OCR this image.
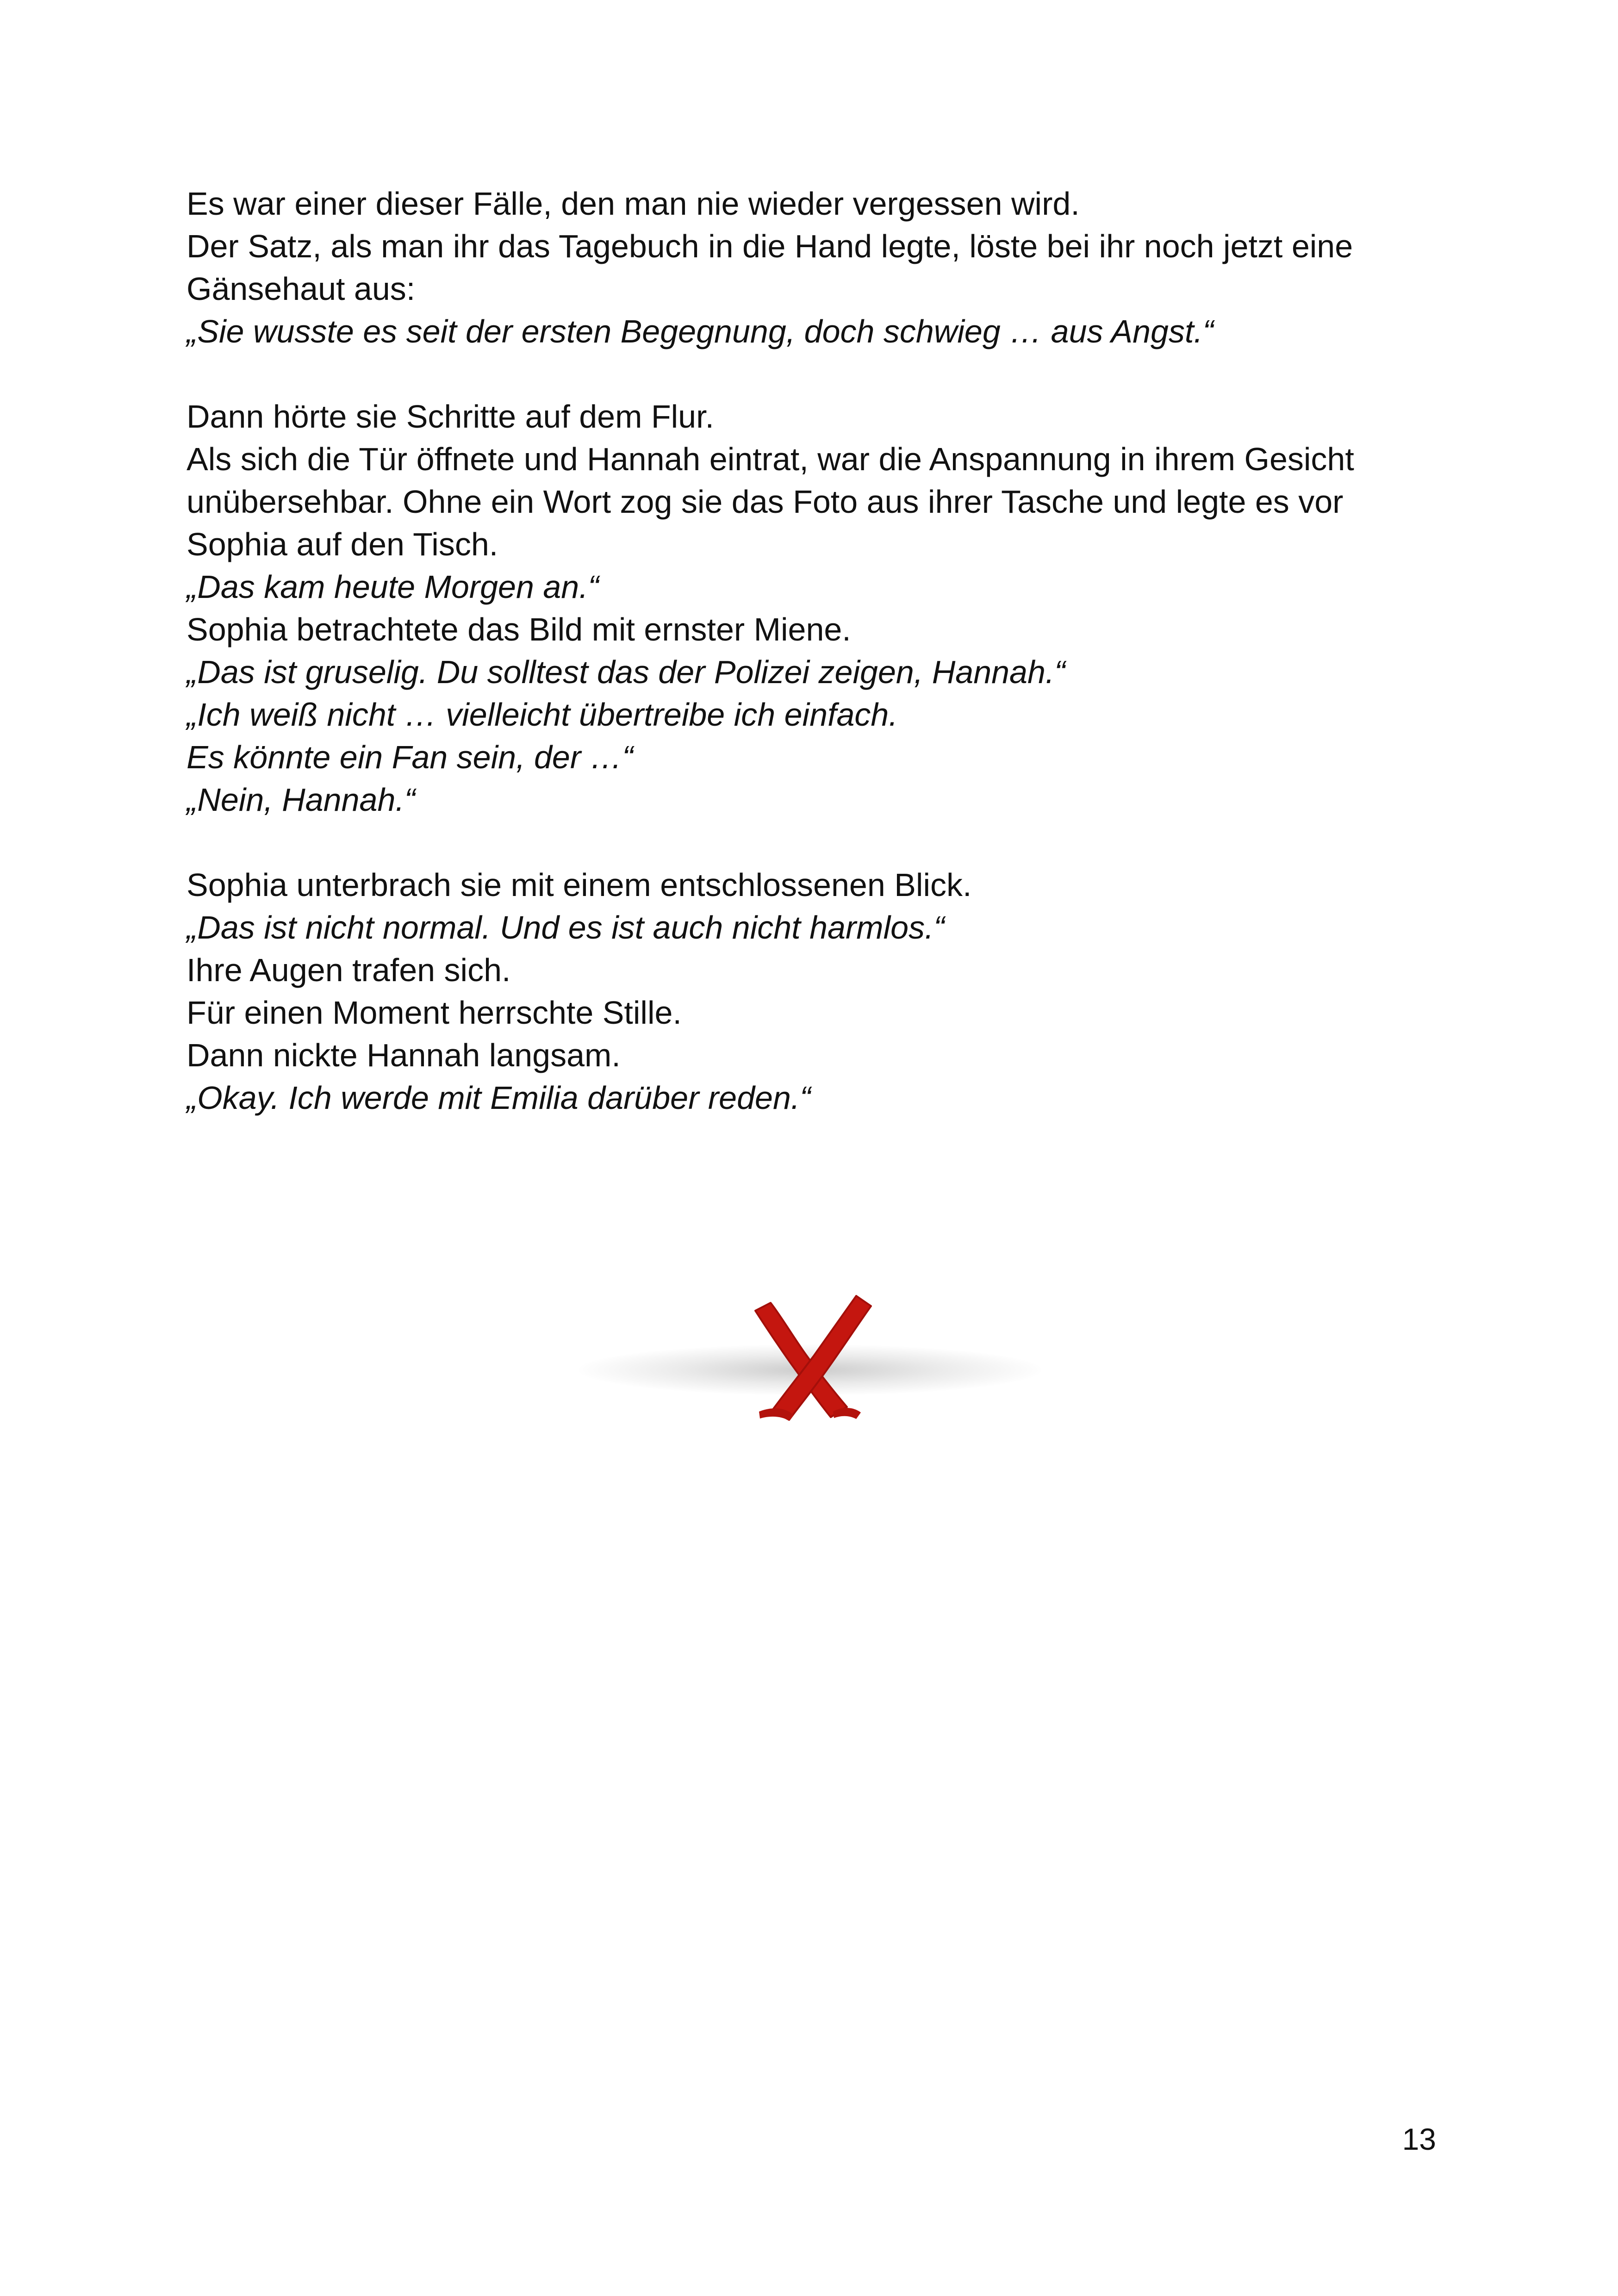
Es war einer dieser Fälle, den man nie wieder vergessen wird.
Der Satz, als man ihr das Tagebuch in die Hand legte, löste bei ihr noch jetzt eine
Gänsehaut aus:
„Sie wusste es seit der ersten Begegnung, doch schwieg … aus Angst.“
Dann hörte sie Schritte auf dem Flur.
Als sich die Tür öffnete und Hannah eintrat, war die Anspannung in ihrem Gesicht
unübersehbar. Ohne ein Wort zog sie das Foto aus ihrer Tasche und legte es vor
Sophia auf den Tisch.
„Das kam heute Morgen an.“
Sophia betrachtete das Bild mit ernster Miene.
„Das ist gruselig. Du solltest das der Polizei zeigen, Hannah.“
„Ich weiß nicht … vielleicht übertreibe ich einfach.
Es könnte ein Fan sein, der …“
„Nein, Hannah.“
Sophia unterbrach sie mit einem entschlossenen Blick.
„Das ist nicht normal. Und es ist auch nicht harmlos.“
Ihre Augen trafen sich.
Für einen Moment herrschte Stille.
Dann nickte Hannah langsam.
„Okay. Ich werde mit Emilia darüber reden.“
13
